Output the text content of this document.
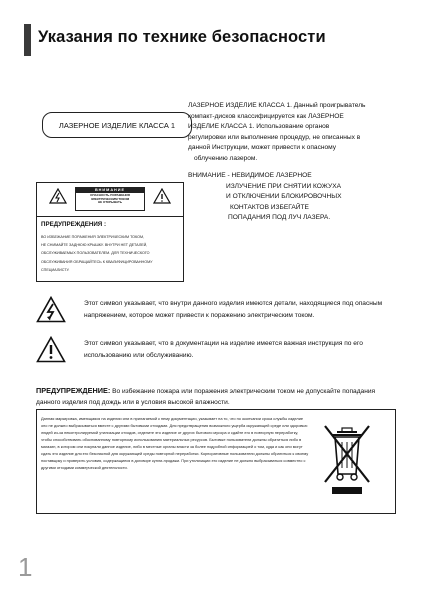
Указания по технике безопасности
ЛАЗЕРНОЕ ИЗДЕЛИЕ КЛАССА 1

ЛАЗЕРНОЕ ИЗДЕЛИЕ КЛАССА 1. Данный проигрыватель

компакт-дисков классифицируется как ЛАЗЕРНОЕ

ИЗДЕЛИЕ КЛАССА 1. Использование органов

регулировки или выполнение процедур, не описанных в

данной Инструкции, может привести к опасному

облучению лазером.

ВНИМАНИЕ - НЕВИДИМОЕ ЛАЗЕРНОЕ

ИЗЛУЧЕНИЕ ПРИ СНЯТИИ КОЖУХА

И ОТКЛЮЧЕНИИ БЛОКИРОВОЧНЫХ

КОНТАКТОВ ИЗБЕГАЙТЕ

ПОПАДАНИЯ ПОД ЛУЧ ЛАЗЕРА.

ВНИМАНИЕ
ОПАСНОСТЬ ПОРАЖЕНИЯ
ЭЛЕКТРИЧЕСКИМ ТОКОМ
НЕ ОТКРЫВАТЬ
ПРЕДУПРЕЖДЕНИЯ :
ВО ИЗБЕЖАНИЕ ПОРАЖЕНИЯ ЭЛЕКТРИЧЕСКИМ ТОКОМ,
НЕ СНИМАЙТЕ ЗАДНЮЮ КРЫШКУ. ВНУТРИ НЕТ ДЕТАЛЕЙ,
ОБСЛУЖИВАЕМЫХ ПОЛЬЗОВАТЕЛЕМ. ДЛЯ ТЕХНИЧЕСКОГО
ОБСЛУЖИВАНИЯ ОБРАЩАЙТЕСЬ К КВАЛИФИЦИРОВАННОМУ
СПЕЦИАЛИСТУ.
Этот символ указывает, что внутри данного изделия имеются детали, находящиеся под опасным напряжением, которое может привести к поражению электрическим током.
Этот символ указывает, что в документации на изделие имеется важная инструкция по его использованию или обслуживанию.
ПРЕДУПРЕЖДЕНИЕ: Во избежание пожара или поражения электрическим током не допускайте попадания данного изделия под дождь или в условия высокой влажности.
Данная маркировка, имеющаяся на изделии или в прилагаемой к нему документации, указывает на то, что по окончании срока службы изделие oно не должно выбрасываться вместе с другими бытовыми отходами. Для предотвращения возможного ущерба окружающей среде или здоровью людей из-за неконтролируемой утилизации отходов, отделите это изделие от других бытового мусора и сдайте его в повторную переработку, чтобы способствовать обоснованному повторному использованию материальных ресурсов. Бытовые пользователи должны обратиться либо в магазин, в котором они покупали данное изделие, либо в местные органы власти за более подробной информацией о том, куда и как они могут сдать это изделие для его безопасной для окружающей среды повторной переработки. Корпоративные пользователи должны обратиться к своему поставщику и проверить условия, содержащиеся в договоре купли-продажи. При утилизации это изделие не должно выбрасываться совместно с другими отходами коммерческой деятельности.
1
